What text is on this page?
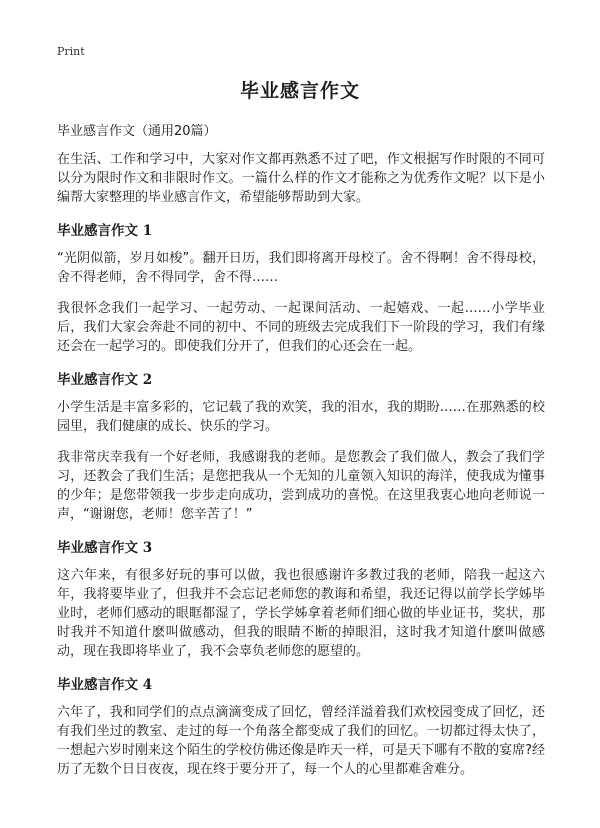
Print
毕业感言作文
毕业感言作文（通用20篇）

在生活、工作和学习中，大家对作文都再熟悉不过了吧，作文根据写作时限的不同可以分为限时作文和非限时作文。一篇什么样的作文才能称之为优秀作文呢？以下是小编帮大家整理的毕业感言作文，希望能够帮助到大家。

毕业感言作文 1

“光阴似箭，岁月如梭”。翻开日历，我们即将离开母校了。舍不得啊！舍不得母校，舍不得老师，舍不得同学，舍不得……

我很怀念我们一起学习、一起劳动、一起课间活动、一起嬉戏、一起……小学毕业后，我们大家会奔赴不同的初中、不同的班级去完成我们下一阶段的学习，我们有缘还会在一起学习的。即使我们分开了，但我们的心还会在一起。

毕业感言作文 2

小学生活是丰富多彩的，它记载了我的欢笑，我的泪水，我的期盼……在那熟悉的校园里，我们健康的成长、快乐的学习。

我非常庆幸我有一个好老师，我感谢我的老师。是您教会了我们做人，教会了我们学习，还教会了我们生活；是您把我从一个无知的儿童领入知识的海洋，使我成为懂事的少年；是您带领我一步步走向成功，尝到成功的喜悦。在这里我衷心地向老师说一声，“谢谢您，老师！您辛苦了！”

毕业感言作文 3

这六年来，有很多好玩的事可以做，我也很感谢许多教过我的老师，陪我一起这六年，我将要毕业了，但我并不会忘记老师您的教诲和希望，我还记得以前学长学姊毕业时，老师们感动的眼眶都湿了，学长学姊拿着老师们细心做的毕业证书，奖状，那时我并不知道什麽叫做感动，但我的眼睛不断的掉眼泪，这时我才知道什麽叫做感动，现在我即将毕业了，我不会辜负老师您的愿望的。

毕业感言作文 4

六年了，我和同学们的点点滴滴变成了回忆，曾经洋溢着我们欢校园变成了回忆，还有我们坐过的教室、走过的每一个角落全都变成了我们的回忆。一切都过得太快了，一想起六岁时刚来这个陌生的学校仿佛还像是昨天一样，可是天下哪有不散的宴席?经历了无数个日日夜夜，现在终于要分开了，每一个人的心里都难舍难分。
